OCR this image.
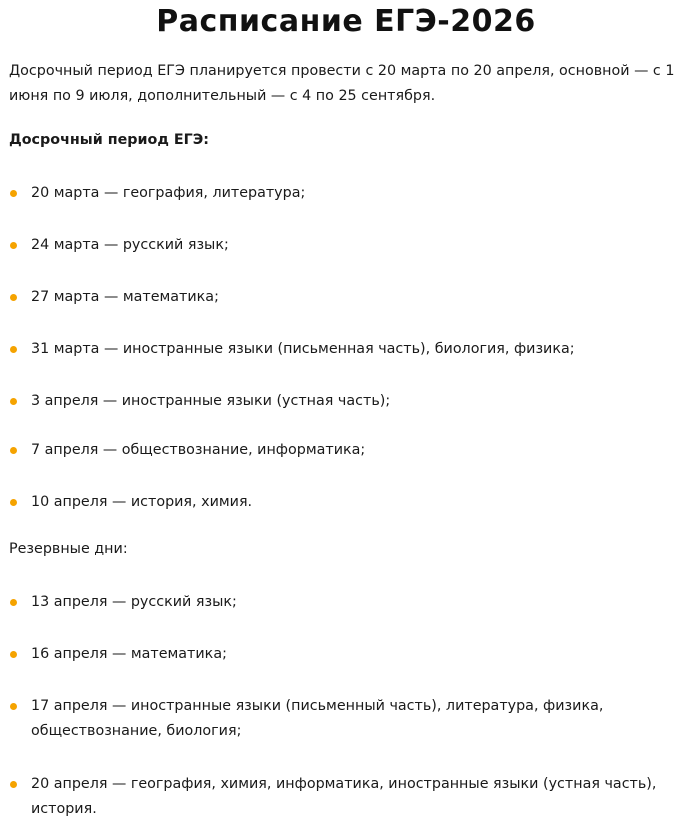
Расписание ЕГЭ-2026

Досрочный период ЕГЭ планируется провести с 20 марта по 20 апреля, основной — с 1 июня по 9 июля, дополнительный — с 4 по 25 сентября.

Досрочный период ЕГЭ:

20 марта — география, литература;
24 марта — русский язык;
27 марта — математика;
31 марта — иностранные языки (письменная часть), биология, физика;
3 апреля — иностранные языки (устная часть);
7 апреля — обществознание, информатика;
10 апреля — история, химия.

Резервные дни:

13 апреля — русский язык;
16 апреля — математика;
17 апреля — иностранные языки (письменный часть), литература, физика, обществознание, биология;
20 апреля — география, химия, информатика, иностранные языки (устная часть), история.
